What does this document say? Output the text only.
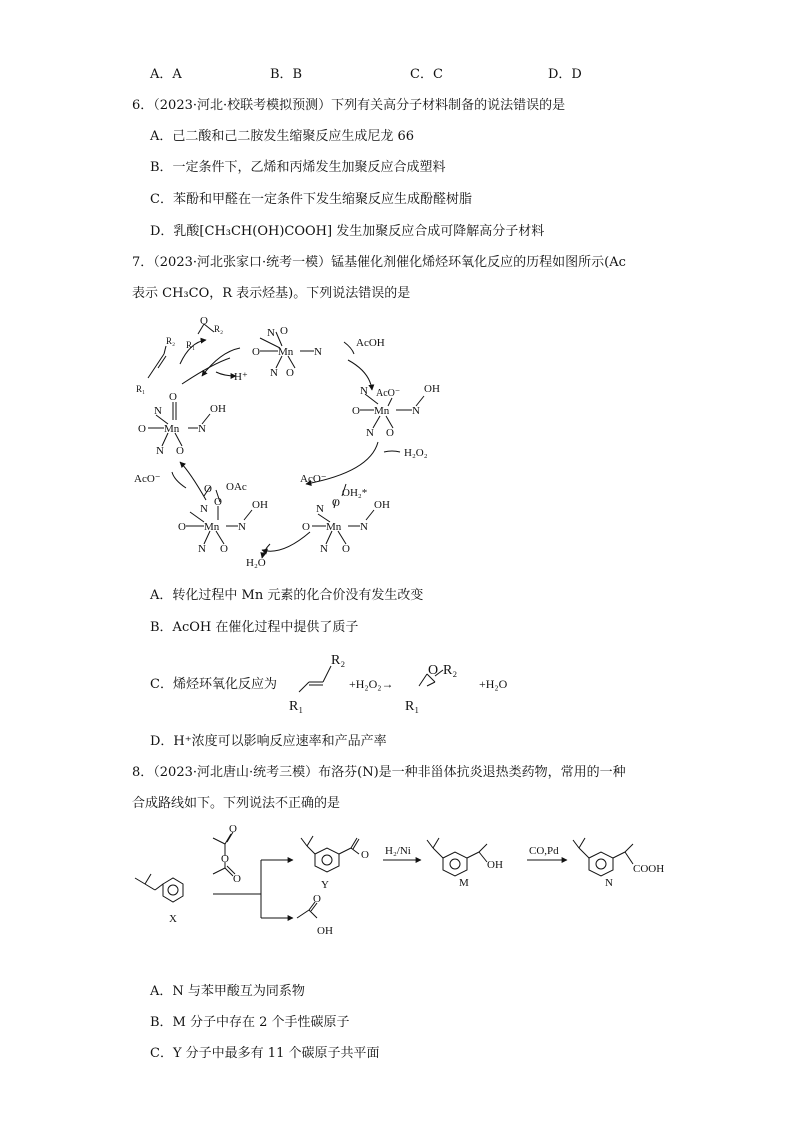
A．A	B．B	C．C	D．D
6．（2023·河北·校联考模拟预测）下列有关高分子材料制备的说法错误的是
A．己二酸和己二胺发生缩聚反应生成尼龙 66
B．一定条件下，乙烯和丙烯发生加聚反应合成塑料
C．苯酚和甲醛在一定条件下发生缩聚反应生成酚醛树脂
D．乳酸[CH₃CH(OH)COOH] 发生加聚反应合成可降解高分子材料
7．（2023·河北张家口·统考一模）锰基催化剂催化烯烃环氧化反应的历程如图所示(Ac
表示 CH₃CO，R 表示烃基)。下列说法错误的是
O
R₂
R₁
R₂
R₁
H⁺
N O
O Mn N
N O
AcOH
N AcO⁻ OH
O Mn N
N O
H₂O₂
N
O
OH
O Mn N
N O
AcO⁻	AcO⁻
OAc
O
O
N	OH
O Mn N
N O
H₂O
OH₂*
O
N	OH
O Mn N
N O
A．转化过程中 Mn 元素的化合价没有发生改变
B．AcOH 在催化过程中提供了质子
C．烯烃环氧化反应为
R₂
R₁
+H₂O₂→
O R₂
R₁
+H₂O
D．H⁺浓度可以影响反应速率和产品产率
8．（2023·河北唐山·统考三模）布洛芬(N)是一种非甾体抗炎退热类药物，常用的一种
合成路线如下。下列说法不正确的是
O
O
O
X
O
Y
O
OH
H₂/Ni
M
OH
CO,Pd
N
COOH
A．N 与苯甲酸互为同系物
B．M 分子中存在 2 个手性碳原子
C．Y 分子中最多有 11 个碳原子共平面
